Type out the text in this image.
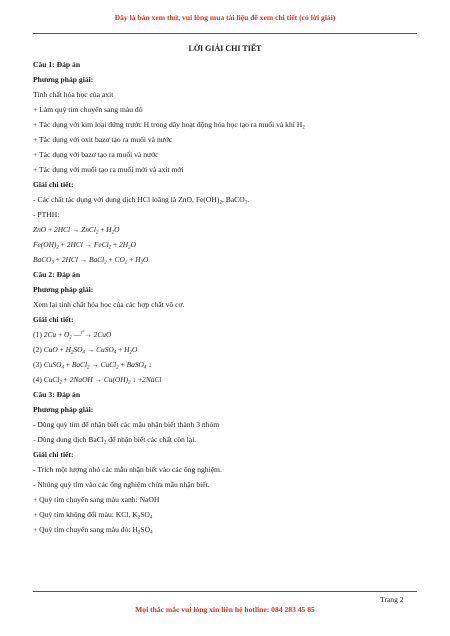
Đây là bản xem thử, vui lòng mua tài liệu để xem chi tiết (có lời giải)
LỜI GIẢI CHI TIẾT
Câu 1: Đáp án
Phương pháp giải:
Tính chất hóa học của axit
+ Làm quỳ tím chuyển sang màu đỏ
+ Tác dụng với kim loại đứng trước H trong dãy hoạt động hóa học tạo ra muối và khí $H_2$
+ Tác dụng với oxit bazơ tạo ra muối và nước
+ Tác dụng với bazơ tạo ra muối và nước
+ Tác dụng với muối tạo ra muối mới và axit mới
Giải chi tiết:
- Các chất tác dụng với dung dịch HCl loãng là ZnO, $Fe(OH)_2$, BaCO$_3$.
- PTHH:
ZnO + 2HCl → ZnCl$_2$ + $H_2O$
$Fe(OH)_2 + 2HCl$ → FeCl$_2$ + $2H_2O$
BaCO$_3$ + 2HCl → BaCl$_2$ + $CO_2 + H_2O$
Câu 2: Đáp án
Phương pháp giải:
Xem lại tính chất hóa học của các hợp chất vô cơ.
Giải chi tiết:
(1) $2Cu + O_2$ —$^{t^\circ}$→ 2CuO
(2) CuO + $H_2SO_4$ → CuSO$_4$ + $H_2O$
(3) CuSO$_4$ + BaCl$_2$ → CuCl$_2$ + BaSO$_4$ ↓
(4) CuCl$_2$ + 2NaOH → $Cu(OH)_2$ ↓ +2NaCl
Câu 3: Đáp án
Phương pháp giải:
- Dùng quỳ tím để nhận biết các mẫu nhận biết thành 3 nhóm
- Dùng dung dịch BaCl$_2$ để nhận biết các chất còn lại.
Giải chi tiết:
- Trích một lượng nhỏ các mẫu nhận biết vào các ống nghiệm.
- Nhúng quỳ tím vào các ống nghiệm chứa mẫu nhận biết.
+ Quỳ tím chuyển sang màu xanh: NaOH
+ Quỳ tím không đổi màu: KCl, $K_2SO_4$
+ Quỳ tím chuyển sang màu đỏ: $H_2SO_4$
Trang 2
Mọi thắc mắc vui lòng xin liên hệ hotline: 084 283 45 85
